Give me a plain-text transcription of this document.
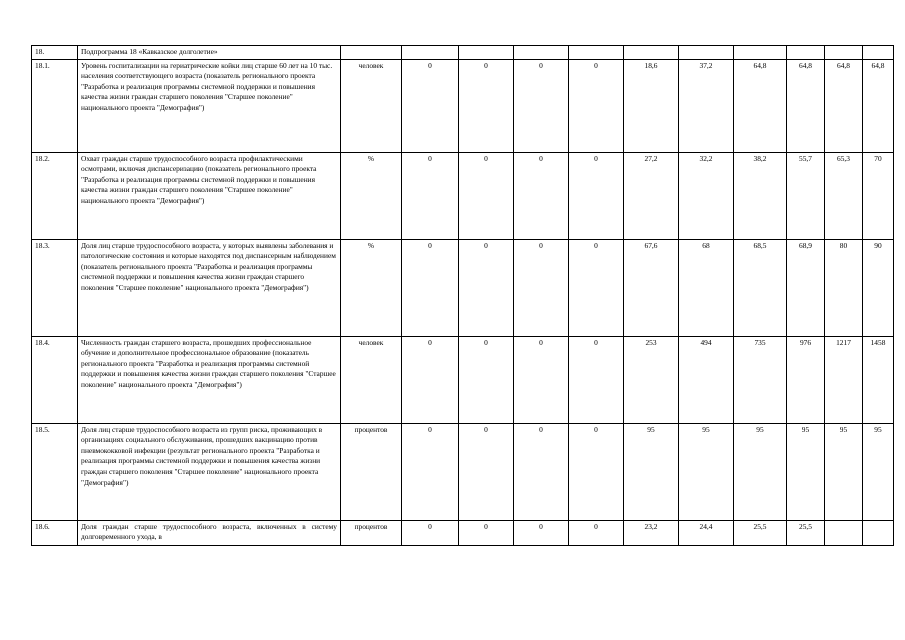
18.	Подпрограмма 18 «Кавказское долголетие»											
18.1.	Уровень госпитализации на гериатрические койки лиц старше 60 лет на 10 тыс. населения соответствующего возраста (показатель регионального проекта "Разработка и реализация программы системной поддержки и повышения качества жизни граждан старшего поколения "Старшее поколение" национального проекта "Демография")	человек	0	0	0	0	18,6	37,2	64,8	64,8	64,8	64,8
18.2.	Охват граждан старше трудоспособного возраста профилактическими осмотрами, включая диспансеризацию (показатель регионального проекта "Разработка и реализация программы системной поддержки и повышения качества жизни граждан старшего поколения "Старшее поколение" национального проекта "Демография")	%	0	0	0	0	27,2	32,2	38,2	55,7	65,3	70
18.3.	Доля лиц старше трудоспособного возраста, у которых выявлены заболевания и патологические состояния и которые находятся под диспансерным наблюдением (показатель регионального проекта "Разработка и реализация программы системной поддержки и повышения качества жизни граждан старшего поколения "Старшее поколение" национального проекта "Демография")	%	0	0	0	0	67,6	68	68,5	68,9	80	90
18.4.	Численность граждан старшего возраста, прошедших профессиональное обучение и дополнительное профессиональное образование (показатель регионального проекта "Разработка и реализация программы системной поддержки и повышения качества жизни граждан старшего поколения "Старшее поколение" национального проекта "Демография")	человек	0	0	0	0	253	494	735	976	1217	1458
18.5.	Доля лиц старше трудоспособного возраста из групп риска, проживающих в организациях социального обслуживания, прошедших вакцинацию против пневмококковой инфекции (результат регионального проекта "Разработка и реализация программы системной поддержки и повышения качества жизни граждан старшего поколения "Старшее поколение" национального проекта "Демография")	процентов	0	0	0	0	95	95	95	95	95	95
18.6.	Доля граждан старше трудоспособного возраста, включенных в систему долговременного ухода, в	процентов	0	0	0	0	23,2	24,4	25,5	25,5		
